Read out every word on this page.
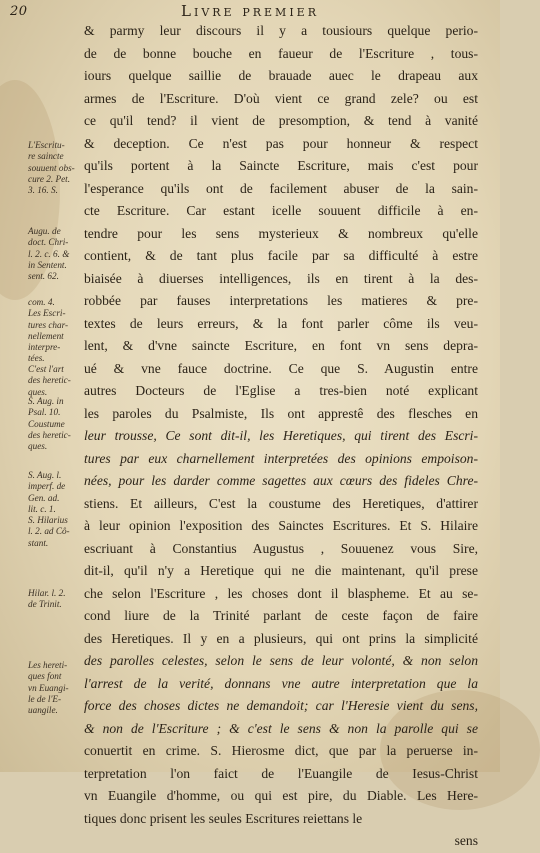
20	Livre premier
& parmy leur discours il y a tousiours quelque perio-
de de bonne bouche en faueur de l'Escriture , tous-
iours quelque saillie de brauade auec le drapeau aux
armes de l'Escriture. D'où vient ce grand zele? ou est
ce qu'il tend? il vient de presomption, & tend à vanité
& deception. Ce n'est pas pour honneur & respect
qu'ils portent à la Saincte Escriture, mais c'est pour
l'esperance qu'ils ont de facilement abuser de la sain-
cte Escriture. Car estant icelle souuent difficile à en-
tendre pour les sens mysterieux & nombreux qu'elle
contient, & de tant plus facile par sa difficulté à estre
biaisée à diuerses intelligences, ils en tirent à la des-
robbée par fauses interpretations les matieres & pre-
textes de leurs erreurs, & la font parler côme ils veu-
lent, & d'vne saincte Escriture, en font vn sens depra-
ué & vne fauce doctrine. Ce que S. Augustin entre
autres Docteurs de l'Eglise a tres-bien noté explicant
les paroles du Psalmiste, Ils ont apprestê des flesches en
leur trousse, Ce sont dit-il, les Heretiques, qui tirent des Escri-
tures par eux charnellement interpretées des opinions empoison-
nées, pour les darder comme sagettes aux cœurs des fideles Chre-
stiens. Et ailleurs, C'est la coustume des Heretiques, d'attirer
à leur opinion l'exposition des Sainctes Escritures. Et S. Hilaire
escriuant à Constantius Augustus , Souuenez vous Sire,
dit-il, qu'il n'y a Heretique qui ne die maintenant, qu'il prese
che selon l'Escriture , les choses dont il blaspheme. Et au se-
cond liure de la Trinité parlant de ceste façon de faire
des Heretiques. Il y en a plusieurs, qui ont prins la simplicité
des parolles celestes, selon le sens de leur volonté, & non selon
l'arrest de la verité, donnans vne autre interpretation que la
force des choses dictes ne demandoit; car l'Heresie vient du sens,
& non de l'Escriture ; & c'est le sens & non la parolle qui se
conuertit en crime. S. Hierosme dict, que par la peruerse in-
terpretation l'on faict de l'Euangile de Iesus-Christ
vn Euangile d'homme, ou qui est pire, du Diable. Les Here-
tiques donc prisent les seules Escritures reiettans le
sens
L'Escritu-
re saincte
souuent obs-
cure 2. Pet.
3. 16. S.
Augu. de
doct. Chri-
l. 2. c. 6. &
in Sentent.
sent. 62.
com. 4.
Les Escri-
tures char-
nellement
interpre-
tées.
C'est l'art
des heretic-
ques.
S. Aug. in
Psal. 10.
Coustume
des heretic-
ques.
S. Aug. l.
imperf. de
Gen. ad.
lit. c. 1.
S. Hilarius
l. 2. ad Cô-
stant.
Hilar. l. 2.
de Trinit.
Les hereti-
ques font
vn Euangi-
le de l'E-
uangile.
